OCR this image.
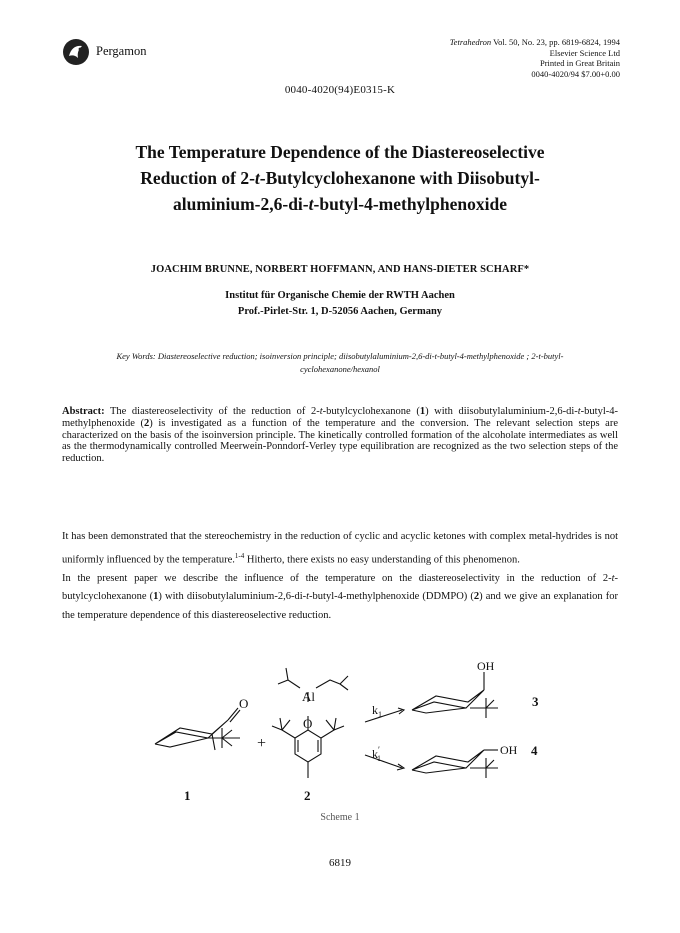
Pergamon
Tetrahedron Vol. 50, No. 23, pp. 6819-6824, 1994
Elsevier Science Ltd
Printed in Great Britain
0040-4020/94 $7.00+0.00
0040-4020(94)E0315-K
The Temperature Dependence of the Diastereoselective
Reduction of 2-t-Butylcyclohexanone with Diisobutyl-
aluminium-2,6-di-t-butyl-4-methylphenoxide
JOACHIM BRUNNE, NORBERT HOFFMANN, AND HANS-DIETER SCHARF*
Institut für Organische Chemie der RWTH Aachen
Prof.-Pirlet-Str. 1, D-52056 Aachen, Germany
Key Words: Diastereoselective reduction; isoinversion principle; diisobutylaluminium-2,6-di-t-butyl-4-methylphenoxide ; 2-t-butyl-
cyclohexanone/hexanol
Abstract: The diastereoselectivity of the reduction of 2-t-butylcyclohexanone (1) with diisobutylaluminium-2,6-di-t-butyl-4-methylphenoxide (2) is investigated as a function of the temperature and the conversion. The relevant selection steps are characterized on the basis of the isoinversion principle. The kinetically controlled formation of the alcoholate intermediates as well as the thermodynamically controlled Meerwein-Ponndorf-Verley type equilibration are recognized as the two selection steps of the reduction.

It has been demonstrated that the stereochemistry in the reduction of cyclic and acyclic ketones with complex metal-hydrides is not uniformly influenced by the temperature.$^{1-4}$ Hitherto, there exists no easy understanding of this phenomenon.

In the present paper we describe the influence of the temperature on the diastereoselectivity in the reduction of 2-t-butylcyclohexanone (1) with diisobutylaluminium-2,6-di-t-butyl-4-methylphenoxide (DDMPO) (2) and we give an explanation for the temperature dependence of this diastereoselective reduction.

O
+
Al
O
$k_1$
k′ 1
OH
OH
1	2
3
4
Scheme 1
6819
